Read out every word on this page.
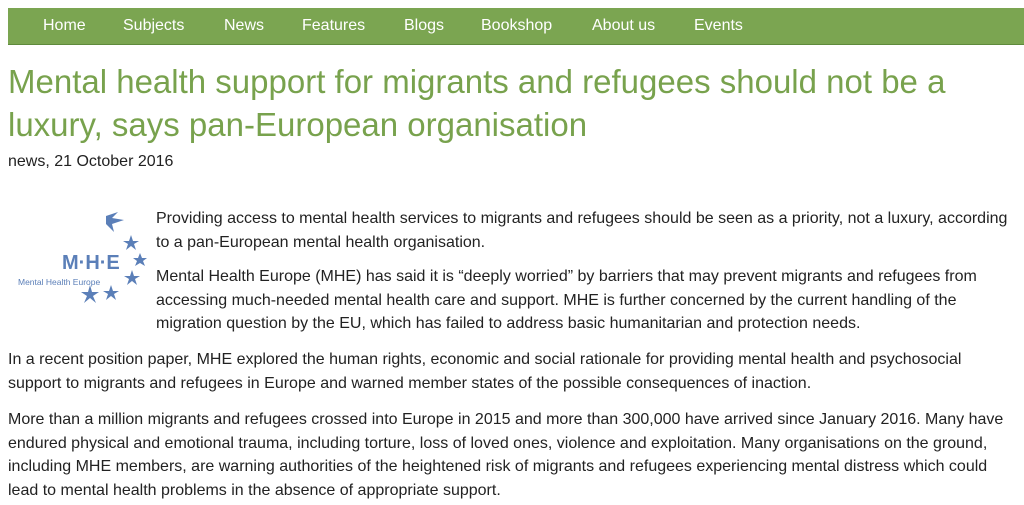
Home Subjects News Features Blogs Bookshop About us Events
Mental health support for migrants and refugees should not be a luxury, says pan-European organisation
news, 21 October 2016
M·H·E
Mental Health Europe

Providing access to mental health services to migrants and refugees should be seen as a priority, not a luxury, according to a pan-European mental health organisation.

Mental Health Europe (MHE) has said it is “deeply worried” by barriers that may prevent migrants and refugees from accessing much-needed mental health care and support. MHE is further concerned by the current handling of the migration question by the EU, which has failed to address basic humanitarian and protection needs.

In a recent position paper, MHE explored the human rights, economic and social rationale for providing mental health and psychosocial support to migrants and refugees in Europe and warned member states of the possible consequences of inaction.

More than a million migrants and refugees crossed into Europe in 2015 and more than 300,000 have arrived since January 2016. Many have endured physical and emotional trauma, including torture, loss of loved ones, violence and exploitation. Many organisations on the ground, including MHE members, are warning authorities of the heightened risk of migrants and refugees experiencing mental distress which could lead to mental health problems in the absence of appropriate support.
